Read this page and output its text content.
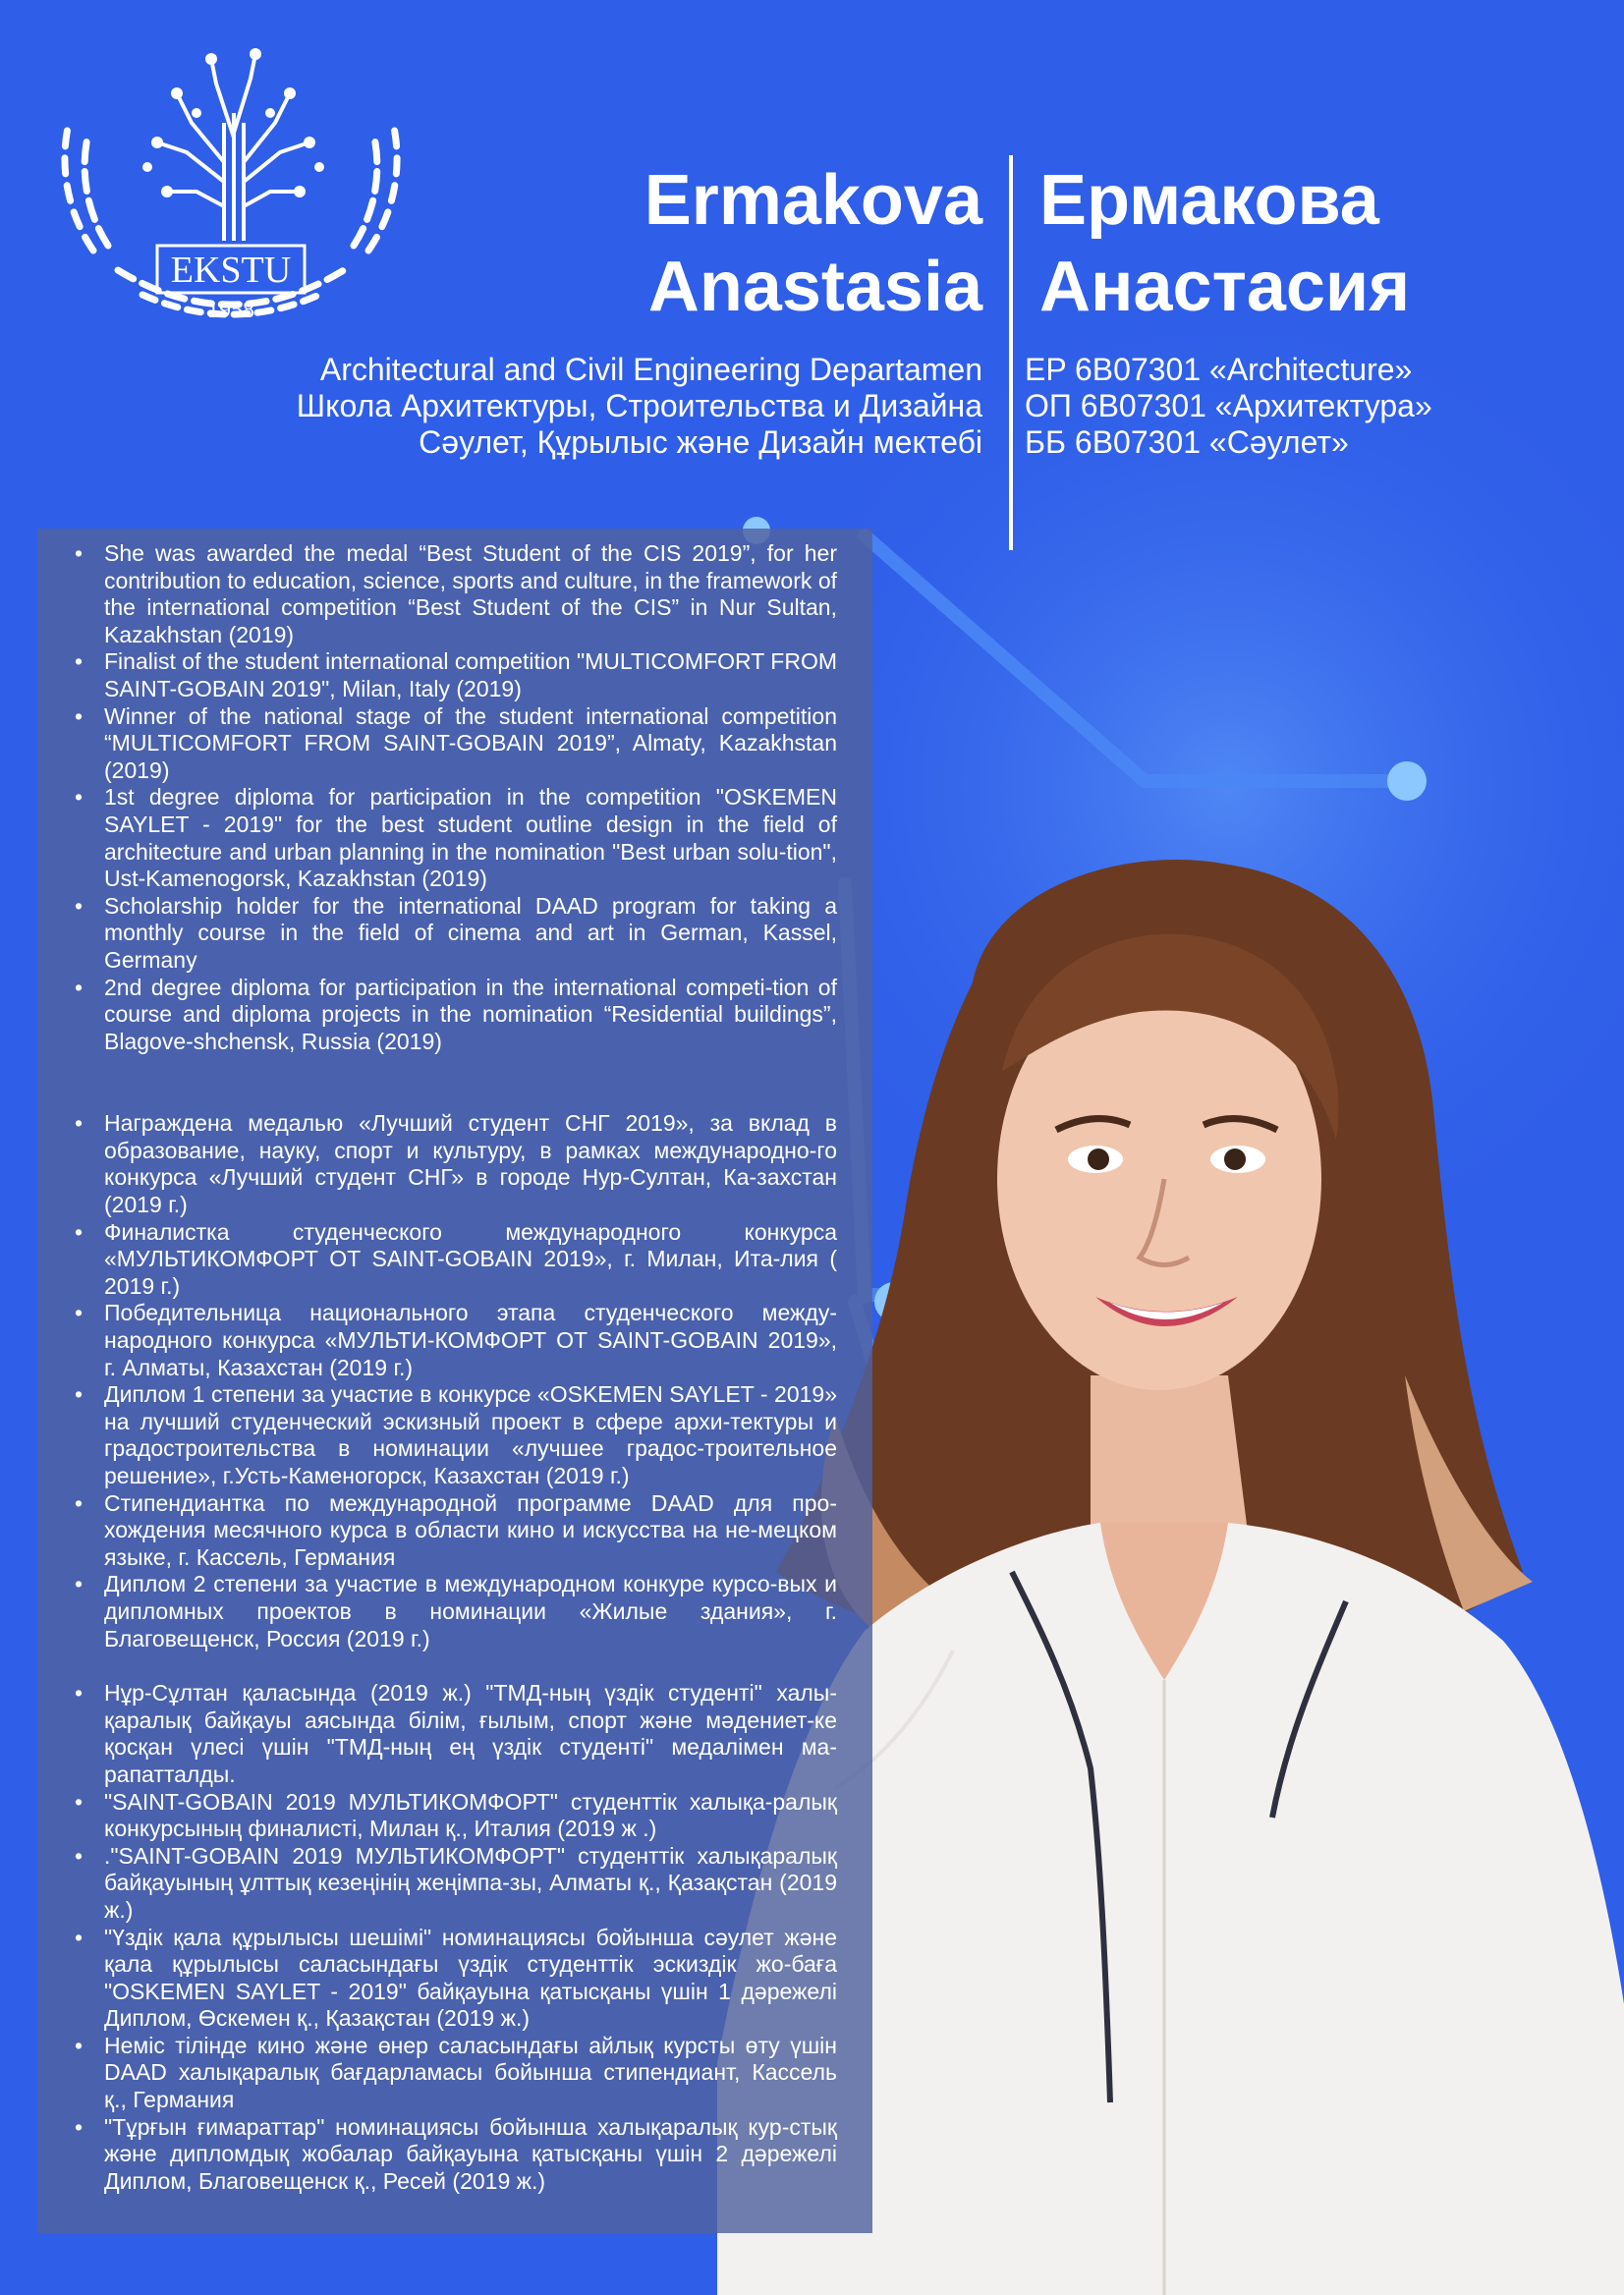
EKSTU
1958
Ermakova
Anastasia
Ермакова
Анастасия
Architectural and Civil Engineering Departamen
Школа Архитектуры, Строительства и Дизайна
Сәулет, Құрылыс және Дизайн мектебі
EP 6B07301 «Architecture»
ОП 6B07301 «Архитектура»
ББ 6B07301 «Сәулет»
• She was awarded the medal “Best Student of the CIS 2019”, for her contribution to education, science, sports and culture, in the framework of the international competition “Best Student of the CIS” in Nur Sultan, Kazakhstan (2019)
• Finalist of the student international competition "MULTICOMFORT FROM SAINT-GOBAIN 2019", Milan, Italy (2019)
• Winner of the national stage of the student international competition “MULTICOMFORT FROM SAINT-GOBAIN 2019”, Almaty, Kazakhstan (2019)
• 1st degree diploma for participation in the competition "OSKEMEN SAYLET - 2019" for the best student outline design in the field of architecture and urban planning in the nomination "Best urban solu-tion", Ust-Kamenogorsk, Kazakhstan (2019)
• Scholarship holder for the international DAAD program for taking a monthly course in the field of cinema and art in German, Kassel, Germany
• 2nd degree diploma for participation in the international competi-tion of course and diploma projects in the nomination “Residential buildings”, Blagove-shchensk, Russia (2019)
• Награждена медалью «Лучший студент СНГ 2019», за вклад в образование, науку, спорт и культуру, в рамках международно-го конкурса «Лучший студент СНГ» в городе Нур-Султан, Ка-захстан (2019 г.)
• Финалистка студенческого международного конкурса «МУЛЬТИКОМФОРТ ОТ SAINT-GOBAIN 2019», г. Милан, Ита-лия ( 2019 г.)
• Победительница национального этапа студенческого между-народного конкурса «МУЛЬТИ-КОМФОРТ ОТ SAINT-GOBAIN 2019», г. Алматы, Казахстан (2019 г.)
• Диплом 1 степени за участие в конкурсе «OSKEMEN SAYLET - 2019» на лучший студенческий эскизный проект в сфере архи-тектуры и градостроительства в номинации «лучшее градос-троительное решение», г.Усть-Каменогорск, Казахстан (2019 г.)
• Стипендиантка по международной программе DAAD для про-хождения месячного курса в области кино и искусства на не-мецком языке, г. Кассель, Германия
• Диплом 2 степени за участие в международном конкуре курсо-вых и дипломных проектов в номинации «Жилые здания», г. Благовещенск, Россия (2019 г.)
• Нұр-Сұлтан қаласында (2019 ж.) "ТМД-ның үздік студенті" халы-қаралық байқауы аясында білім, ғылым, спорт және мәдениет-ке қосқан үлесі үшін "ТМД-ның ең үздік студенті" медалімен ма-рапатталды.
• "SAINT-GOBAIN 2019 МУЛЬТИКОМФОРТ" студенттік халықа-ралық конкурсының финалисті, Милан қ., Италия (2019 ж .)
• ."SAINT-GOBAIN 2019 МУЛЬТИКОМФОРТ" студенттік халықаралық байқауының ұлттық кезеңінің жеңімпа-зы, Алматы қ., Қазақстан (2019 ж.)
• "Үздік қала құрылысы шешімі" номинациясы бойынша сәулет және қала құрылысы саласындағы үздік студенттік эскиздік жо-баға "OSKEMEN SAYLET - 2019" байқауына қатысқаны үшін 1 дәрежелі Диплом, Өскемен қ., Қазақстан (2019 ж.)
• Неміс тілінде кино және өнер саласындағы айлық курсты өту үшін DAAD халықаралық бағдарламасы бойынша стипендиант, Кассель қ., Германия
• "Тұрғын ғимараттар" номинациясы бойынша халықаралық кур-стық және дипломдық жобалар байқауына қатысқаны үшін 2 дәрежелі Диплом, Благовещенск қ., Ресей (2019 ж.)
